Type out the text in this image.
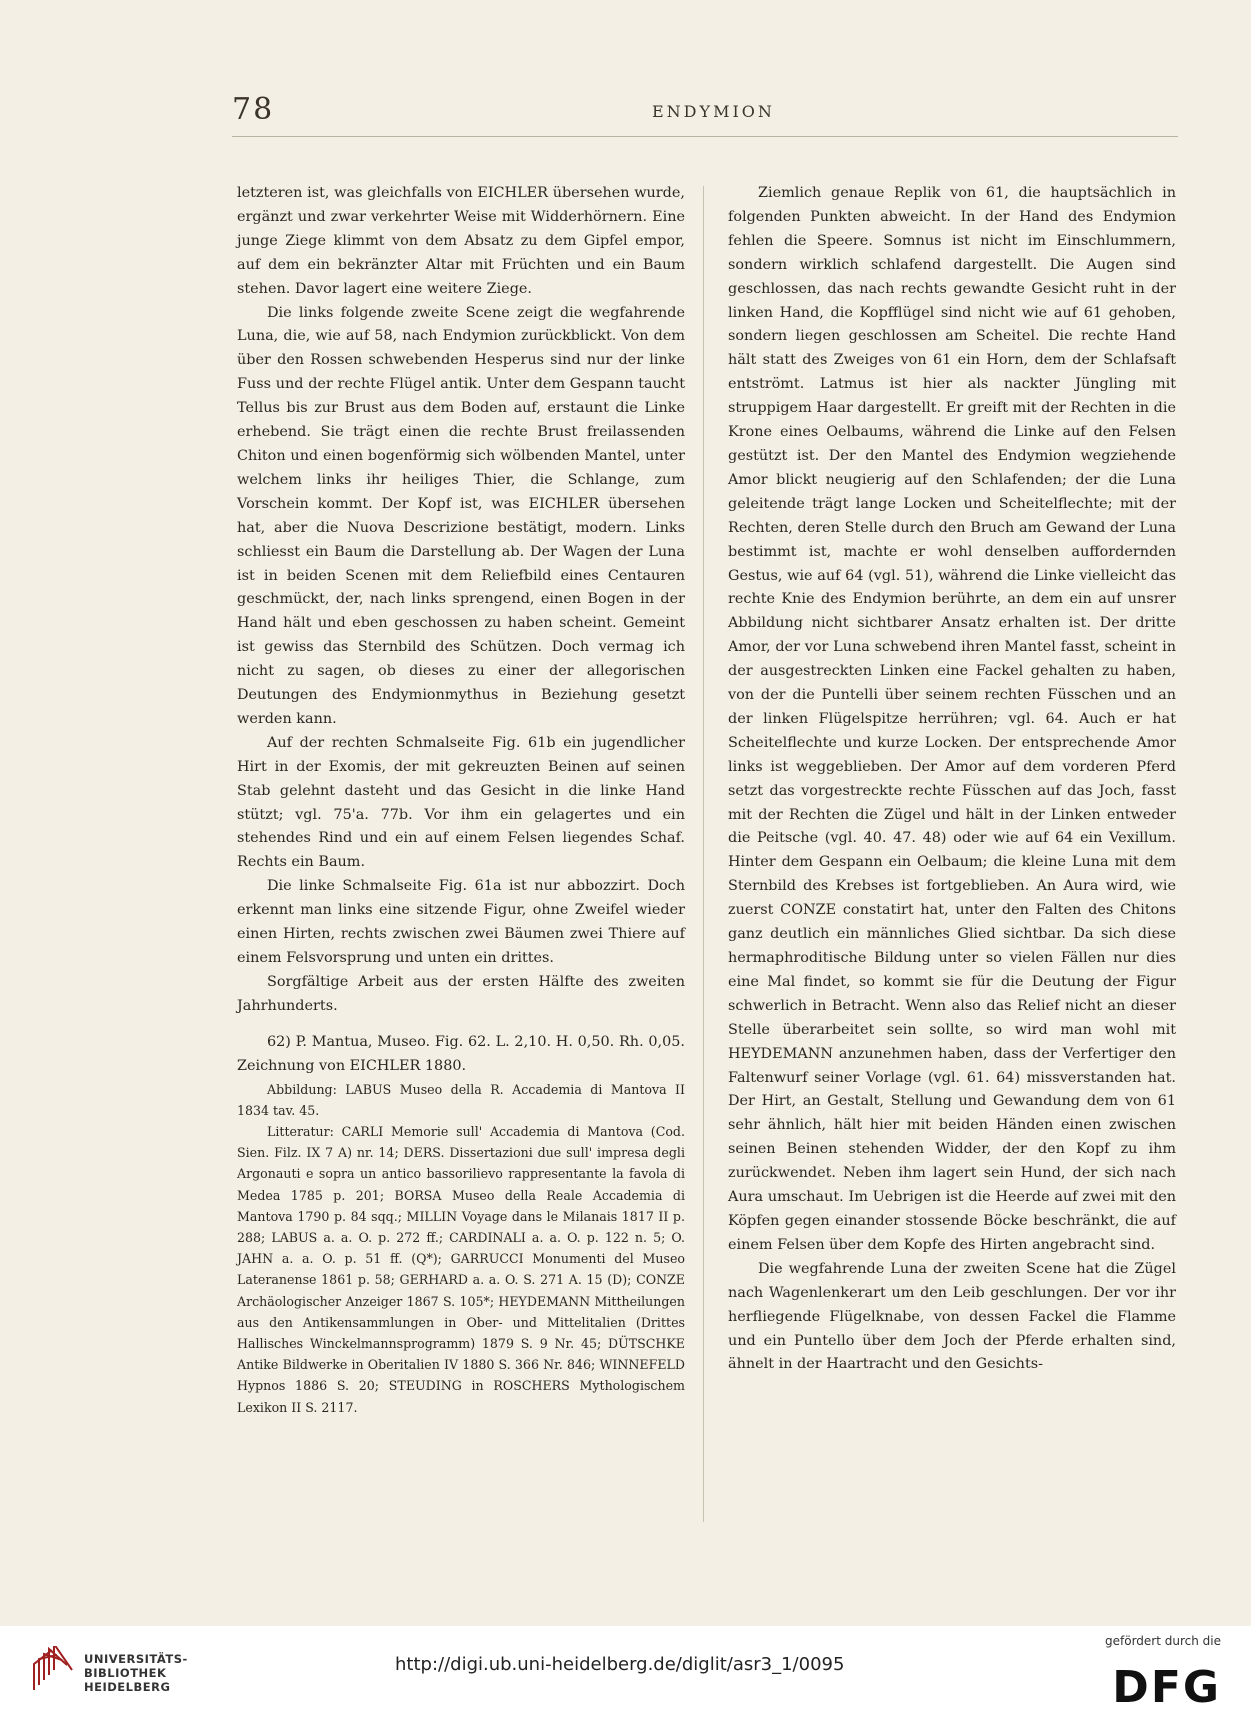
78	ENDYMION

letzteren ist, was gleichfalls von EICHLER übersehen wurde, ergänzt und zwar verkehrter Weise mit Widderhörnern. Eine junge Ziege klimmt von dem Absatz zu dem Gipfel empor, auf dem ein bekränzter Altar mit Früchten und ein Baum stehen. Davor lagert eine weitere Ziege.

Die links folgende zweite Scene zeigt die wegfahrende Luna, die, wie auf 58, nach Endymion zurückblickt. Von dem über den Rossen schwebenden Hesperus sind nur der linke Fuss und der rechte Flügel antik. Unter dem Gespann taucht Tellus bis zur Brust aus dem Boden auf, erstaunt die Linke erhebend. Sie trägt einen die rechte Brust freilassenden Chiton und einen bogenförmig sich wölbenden Mantel, unter welchem links ihr heiliges Thier, die Schlange, zum Vorschein kommt. Der Kopf ist, was EICHLER übersehen hat, aber die Nuova Descrizione bestätigt, modern. Links schliesst ein Baum die Darstellung ab. Der Wagen der Luna ist in beiden Scenen mit dem Reliefbild eines Centauren geschmückt, der, nach links sprengend, einen Bogen in der Hand hält und eben geschossen zu haben scheint. Gemeint ist gewiss das Sternbild des Schützen. Doch vermag ich nicht zu sagen, ob dieses zu einer der allegorischen Deutungen des Endymionmythus in Beziehung gesetzt werden kann.

Auf der rechten Schmalseite Fig. 61b ein jugendlicher Hirt in der Exomis, der mit gekreuzten Beinen auf seinen Stab gelehnt dasteht und das Gesicht in die linke Hand stützt; vgl. 75'a. 77b. Vor ihm ein gelagertes und ein stehendes Rind und ein auf einem Felsen liegendes Schaf. Rechts ein Baum.

Die linke Schmalseite Fig. 61a ist nur abbozzirt. Doch erkennt man links eine sitzende Figur, ohne Zweifel wieder einen Hirten, rechts zwischen zwei Bäumen zwei Thiere auf einem Felsvorsprung und unten ein drittes.

Sorgfältige Arbeit aus der ersten Hälfte des zweiten Jahrhunderts.

62) P. Mantua, Museo. Fig. 62. L. 2,10. H. 0,50. Rh. 0,05. Zeichnung von EICHLER 1880.

Abbildung: LABUS Museo della R. Accademia di Mantova II 1834 tav. 45.

Litteratur: CARLI Memorie sull' Accademia di Mantova (Cod. Sien. Filz. IX 7 A) nr. 14; DERS. Dissertazioni due sull' impresa degli Argonauti e sopra un antico bassorilievo rappresentante la favola di Medea 1785 p. 201; BORSA Museo della Reale Accademia di Mantova 1790 p. 84 sqq.; MILLIN Voyage dans le Milanais 1817 II p. 288; LABUS a. a. O. p. 272 ff.; CARDINALI a. a. O. p. 122 n. 5; O. JAHN a. a. O. p. 51 ff. (Q*); GARRUCCI Monumenti del Museo Lateranense 1861 p. 58; GERHARD a. a. O. S. 271 A. 15 (D); CONZE Archäologischer Anzeiger 1867 S. 105*; HEYDEMANN Mittheilungen aus den Antikensammlungen in Ober- und Mittelitalien (Drittes Hallisches Winckelmannsprogramm) 1879 S. 9 Nr. 45; DÜTSCHKE Antike Bildwerke in Oberitalien IV 1880 S. 366 Nr. 846; WINNEFELD Hypnos 1886 S. 20; STEUDING in ROSCHERS Mythologischem Lexikon II S. 2117.

Ziemlich genaue Replik von 61, die hauptsächlich in folgenden Punkten abweicht. In der Hand des Endymion fehlen die Speere. Somnus ist nicht im Einschlummern, sondern wirklich schlafend dargestellt. Die Augen sind geschlossen, das nach rechts gewandte Gesicht ruht in der linken Hand, die Kopfflügel sind nicht wie auf 61 gehoben, sondern liegen geschlossen am Scheitel. Die rechte Hand hält statt des Zweiges von 61 ein Horn, dem der Schlafsaft entströmt. Latmus ist hier als nackter Jüngling mit struppigem Haar dargestellt. Er greift mit der Rechten in die Krone eines Oelbaums, während die Linke auf den Felsen gestützt ist. Der den Mantel des Endymion wegziehende Amor blickt neugierig auf den Schlafenden; der die Luna geleitende trägt lange Locken und Scheitelflechte; mit der Rechten, deren Stelle durch den Bruch am Gewand der Luna bestimmt ist, machte er wohl denselben auffordernden Gestus, wie auf 64 (vgl. 51), während die Linke vielleicht das rechte Knie des Endymion berührte, an dem ein auf unsrer Abbildung nicht sichtbarer Ansatz erhalten ist. Der dritte Amor, der vor Luna schwebend ihren Mantel fasst, scheint in der ausgestreckten Linken eine Fackel gehalten zu haben, von der die Puntelli über seinem rechten Füsschen und an der linken Flügelspitze herrühren; vgl. 64. Auch er hat Scheitelflechte und kurze Locken. Der entsprechende Amor links ist weggeblieben. Der Amor auf dem vorderen Pferd setzt das vorgestreckte rechte Füsschen auf das Joch, fasst mit der Rechten die Zügel und hält in der Linken entweder die Peitsche (vgl. 40. 47. 48) oder wie auf 64 ein Vexillum. Hinter dem Gespann ein Oelbaum; die kleine Luna mit dem Sternbild des Krebses ist fortgeblieben. An Aura wird, wie zuerst CONZE constatirt hat, unter den Falten des Chitons ganz deutlich ein männliches Glied sichtbar. Da sich diese hermaphroditische Bildung unter so vielen Fällen nur dies eine Mal findet, so kommt sie für die Deutung der Figur schwerlich in Betracht. Wenn also das Relief nicht an dieser Stelle überarbeitet sein sollte, so wird man wohl mit HEYDEMANN anzunehmen haben, dass der Verfertiger den Faltenwurf seiner Vorlage (vgl. 61. 64) missverstanden hat. Der Hirt, an Gestalt, Stellung und Gewandung dem von 61 sehr ähnlich, hält hier mit beiden Händen einen zwischen seinen Beinen stehenden Widder, der den Kopf zu ihm zurückwendet. Neben ihm lagert sein Hund, der sich nach Aura umschaut. Im Uebrigen ist die Heerde auf zwei mit den Köpfen gegen einander stossende Böcke beschränkt, die auf einem Felsen über dem Kopfe des Hirten angebracht sind.

Die wegfahrende Luna der zweiten Scene hat die Zügel nach Wagenlenkerart um den Leib geschlungen. Der vor ihr herfliegende Flügelknabe, von dessen Fackel die Flamme und ein Puntello über dem Joch der Pferde erhalten sind, ähnelt in der Haartracht und den Gesichts-

UNIVERSITÄTS-
BIBLIOTHEK
HEIDELBERG
http://digi.ub.uni-heidelberg.de/diglit/asr3_1/0095
gefördert durch die
DFG
